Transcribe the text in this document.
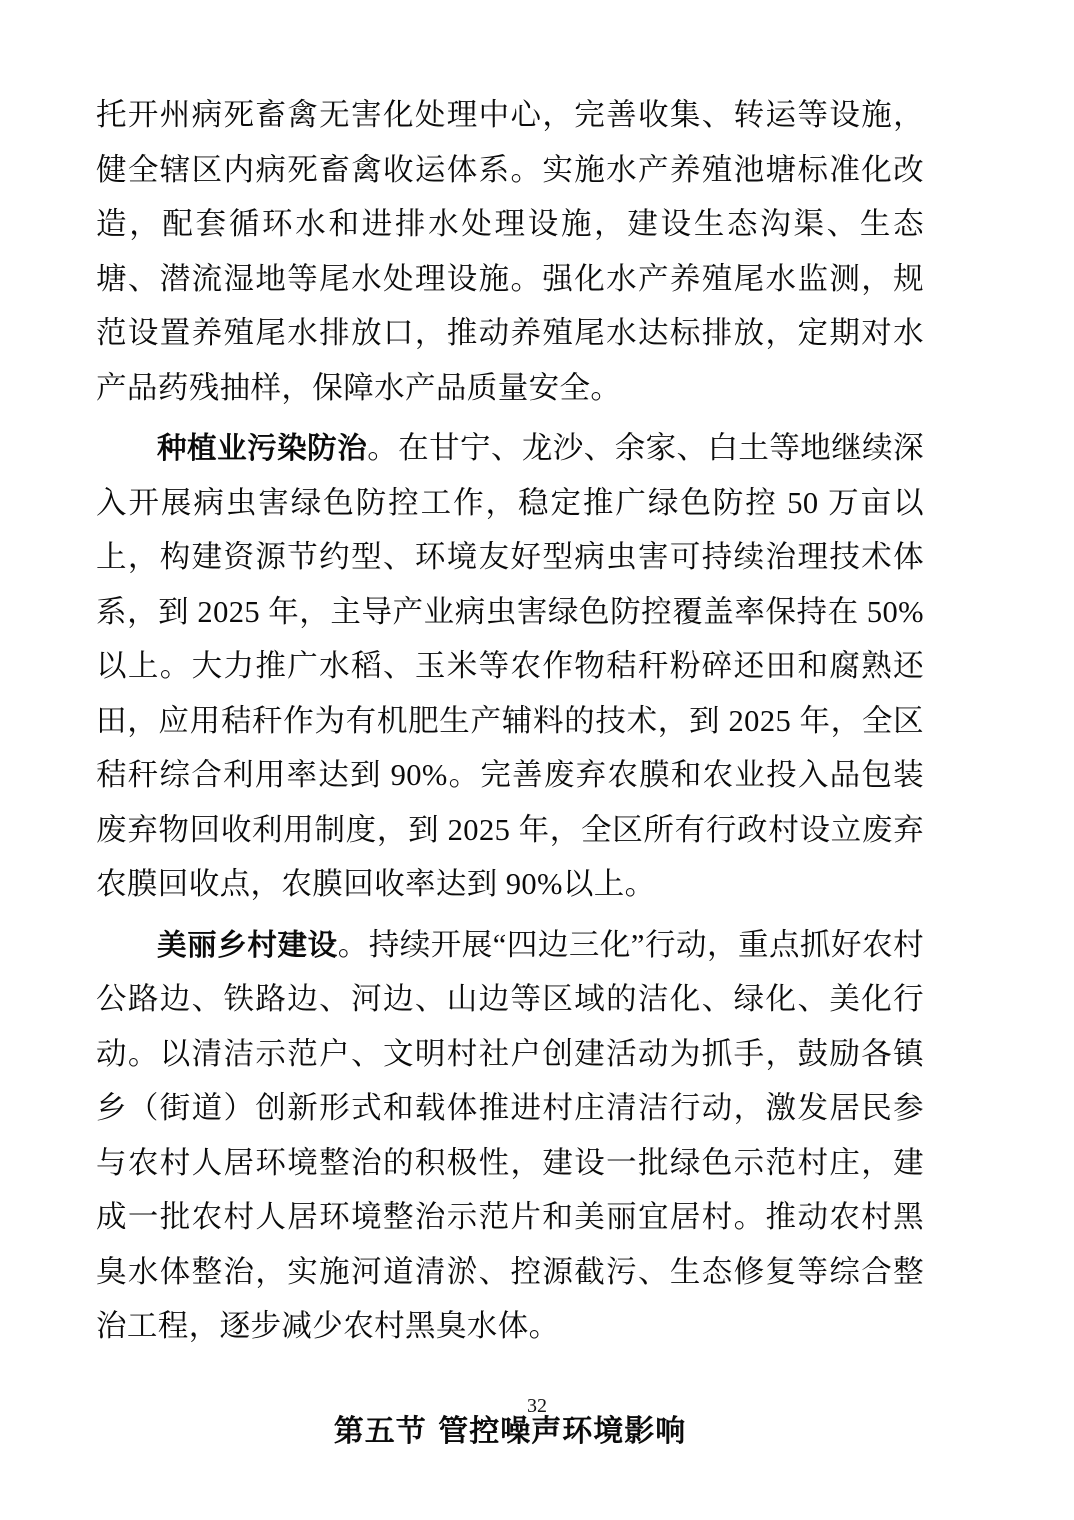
托开州病死畜禽无害化处理中心，完善收集、转运等设施，健全辖区内病死畜禽收运体系。实施水产养殖池塘标准化改造，配套循环水和进排水处理设施，建设生态沟渠、生态塘、潜流湿地等尾水处理设施。强化水产养殖尾水监测，规范设置养殖尾水排放口，推动养殖尾水达标排放，定期对水产品药残抽样，保障水产品质量安全。

种植业污染防治。在甘宁、龙沙、余家、白土等地继续深入开展病虫害绿色防控工作，稳定推广绿色防控 50 万亩以上，构建资源节约型、环境友好型病虫害可持续治理技术体系，到 2025 年，主导产业病虫害绿色防控覆盖率保持在 50%以上。大力推广水稻、玉米等农作物秸秆粉碎还田和腐熟还田，应用秸秆作为有机肥生产辅料的技术，到 2025 年，全区秸秆综合利用率达到 90%。完善废弃农膜和农业投入品包装废弃物回收利用制度，到 2025 年，全区所有行政村设立废弃农膜回收点，农膜回收率达到 90%以上。

美丽乡村建设。持续开展“四边三化”行动，重点抓好农村公路边、铁路边、河边、山边等区域的洁化、绿化、美化行动。以清洁示范户、文明村社户创建活动为抓手，鼓励各镇乡（街道）创新形式和载体推进村庄清洁行动，激发居民参与农村人居环境整治的积极性，建设一批绿色示范村庄，建成一批农村人居环境整治示范片和美丽宜居村。推动农村黑臭水体整治，实施河道清淤、控源截污、生态修复等综合整治工程，逐步减少农村黑臭水体。

第五节 管控噪声环境影响
32
